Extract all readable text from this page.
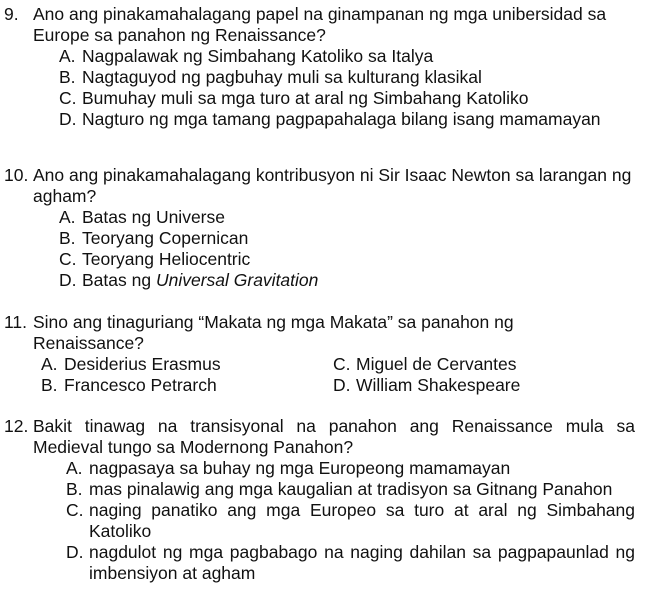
9. Ano ang pinakamahalagang papel na ginampanan ng mga unibersidad sa Europe sa panahon ng Renaissance?
A. Nagpalawak ng Simbahang Katoliko sa Italya
B. Nagtaguyod ng pagbuhay muli sa kulturang klasikal
C. Bumuhay muli sa mga turo at aral ng Simbahang Katoliko
D. Nagturo ng mga tamang pagpapahalaga bilang isang mamamayan
10. Ano ang pinakamahalagang kontribusyon ni Sir Isaac Newton sa larangan ng agham?
A. Batas ng Universe
B. Teoryang Copernican
C. Teoryang Heliocentric
D. Batas ng Universal Gravitation
11. Sino ang tinaguriang “Makata ng mga Makata” sa panahon ng Renaissance?
A. Desiderius Erasmus	C. Miguel de Cervantes
B. Francesco Petrarch	D. William Shakespeare
12. Bakit tinawag na transisyonal na panahon ang Renaissance mula sa Medieval tungo sa Modernong Panahon?
A. nagpasaya sa buhay ng mga Europeong mamamayan
B. mas pinalawig ang mga kaugalian at tradisyon sa Gitnang Panahon
C. naging panatiko ang mga Europeo sa turo at aral ng Simbahang Katoliko
D. nagdulot ng mga pagbabago na naging dahilan sa pagpapaunlad ng imbensiyon at agham
